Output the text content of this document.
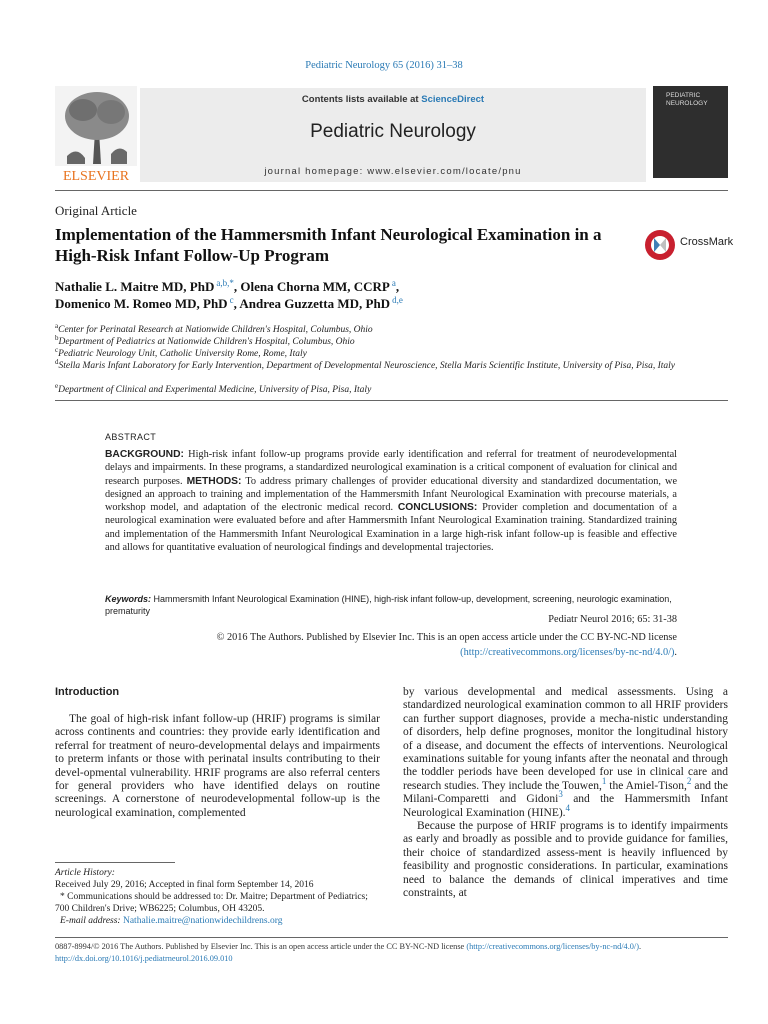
Pediatric Neurology 65 (2016) 31–38
ELSEVIER
Contents lists available at ScienceDirect
Pediatric Neurology
journal homepage: www.elsevier.com/locate/pnu
PEDIATRIC NEUROLOGY
Original Article
Implementation of the Hammersmith Infant Neurological Examination in a High-Risk Infant Follow-Up Program
CrossMark
Nathalie L. Maitre MD, PhD $^{a,b,*}$, Olena Chorna MM, CCRP $^a$,
Domenico M. Romeo MD, PhD $^c$, Andrea Guzzetta MD, PhD $^{d,e}$
$^a$Center for Perinatal Research at Nationwide Children's Hospital, Columbus, Ohio
$^b$Department of Pediatrics at Nationwide Children's Hospital, Columbus, Ohio
$^c$Pediatric Neurology Unit, Catholic University Rome, Rome, Italy
$^d$Stella Maris Infant Laboratory for Early Intervention, Department of Developmental Neuroscience, Stella Maris Scientific Institute, University of Pisa, Pisa, Italy
$^e$Department of Clinical and Experimental Medicine, University of Pisa, Pisa, Italy
ABSTRACT
BACKGROUND: High-risk infant follow-up programs provide early identification and referral for treatment of neurodevelopmental delays and impairments. In these programs, a standardized neurological examination is a critical component of evaluation for clinical and research purposes. METHODS: To address primary challenges of provider educational diversity and standardized documentation, we designed an approach to training and implementation of the Hammersmith Infant Neurological Examination with precourse materials, a workshop model, and adaptation of the electronic medical record. CONCLUSIONS: Provider completion and documentation of a neurological examination were evaluated before and after Hammersmith Infant Neurological Examination training. Standardized training and implementation of the Hammersmith Infant Neurological Examination in a large high-risk infant follow-up is feasible and effective and allows for quantitative evaluation of neurological findings and developmental trajectories.
Keywords: Hammersmith Infant Neurological Examination (HINE), high-risk infant follow-up, development, screening, neurologic examination, prematurity
Pediatr Neurol 2016; 65: 31-38
© 2016 The Authors. Published by Elsevier Inc. This is an open access article under the CC BY-NC-ND license
(http://creativecommons.org/licenses/by-nc-nd/4.0/).
Introduction
The goal of high-risk infant follow-up (HRIF) programs is similar across continents and countries: they provide early identification and referral for treatment of neuro-developmental delays and impairments to preterm infants or those with perinatal insults contributing to their devel-opmental vulnerability. HRIF programs are also referral centers for general providers who have identified delays on routine screenings. A cornerstone of neurodevelopmental follow-up is the neurological examination, complemented

by various developmental and medical assessments. Using a standardized neurological examination common to all HRIF providers can further support diagnoses, provide a mecha-nistic understanding of disorders, help define prognoses, monitor the longitudinal history of a disease, and document the effects of interventions. Neurological examinations suitable for young infants after the neonatal and through the toddler periods have been developed for use in clinical care and research studies. They include the Touwen,$^1$ the Amiel-Tison,$^2$ and the Milani-Comparetti and Gidoni$^3$ and the Hammersmith Infant Neurological Examination (HINE).$^4$

Because the purpose of HRIF programs is to identify impairments as early and broadly as possible and to provide guidance for families, their choice of standardized assess-ment is heavily influenced by feasibility and prognostic considerations. In particular, examinations need to balance the demands of clinical imperatives and time constraints, at

Article History:
Received July 29, 2016; Accepted in final form September 14, 2016
* Communications should be addressed to: Dr. Maitre; Department of Pediatrics; 700 Children's Drive; WB6225; Columbus, OH 43205.
E-mail address: Nathalie.maitre@nationwidechildrens.org
0887-8994/© 2016 The Authors. Published by Elsevier Inc. This is an open access article under the CC BY-NC-ND license (http://creativecommons.org/licenses/by-nc-nd/4.0/).
http://dx.doi.org/10.1016/j.pediatrneurol.2016.09.010
